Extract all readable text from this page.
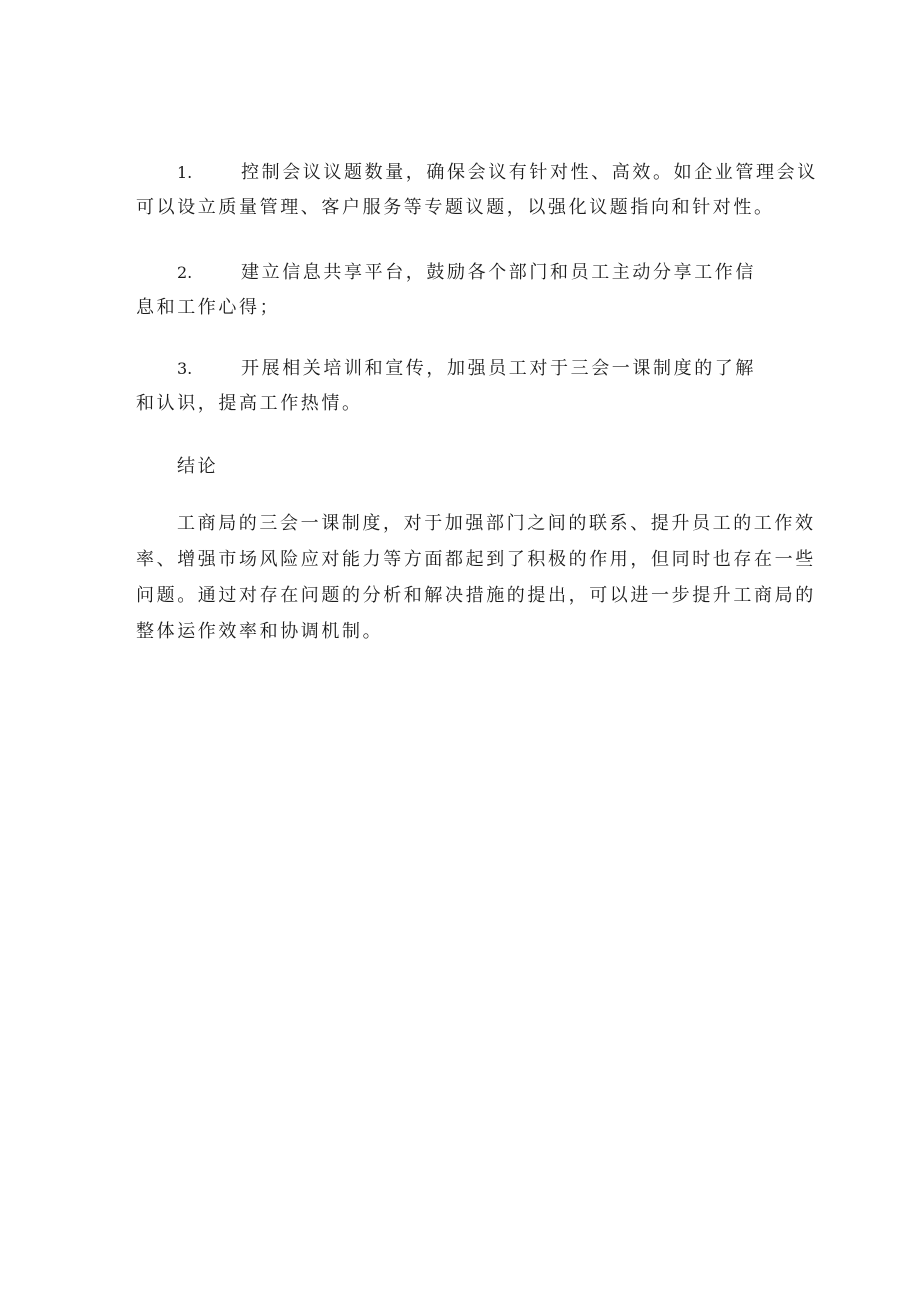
1.	控制会议议题数量，确保会议有针对性、高效。如企业管理会议
可以设立质量管理、客户服务等专题议题，以强化议题指向和针对性。
2.	建立信息共享平台，鼓励各个部门和员工主动分享工作信
息和工作心得；
3.	开展相关培训和宣传，加强员工对于三会一课制度的了解
和认识，提高工作热情。
结论
工商局的三会一课制度，对于加强部门之间的联系、提升员工的工作效
率、增强市场风险应对能力等方面都起到了积极的作用，但同时也存在一些
问题。通过对存在问题的分析和解决措施的提出，可以进一步提升工商局的
整体运作效率和协调机制。
